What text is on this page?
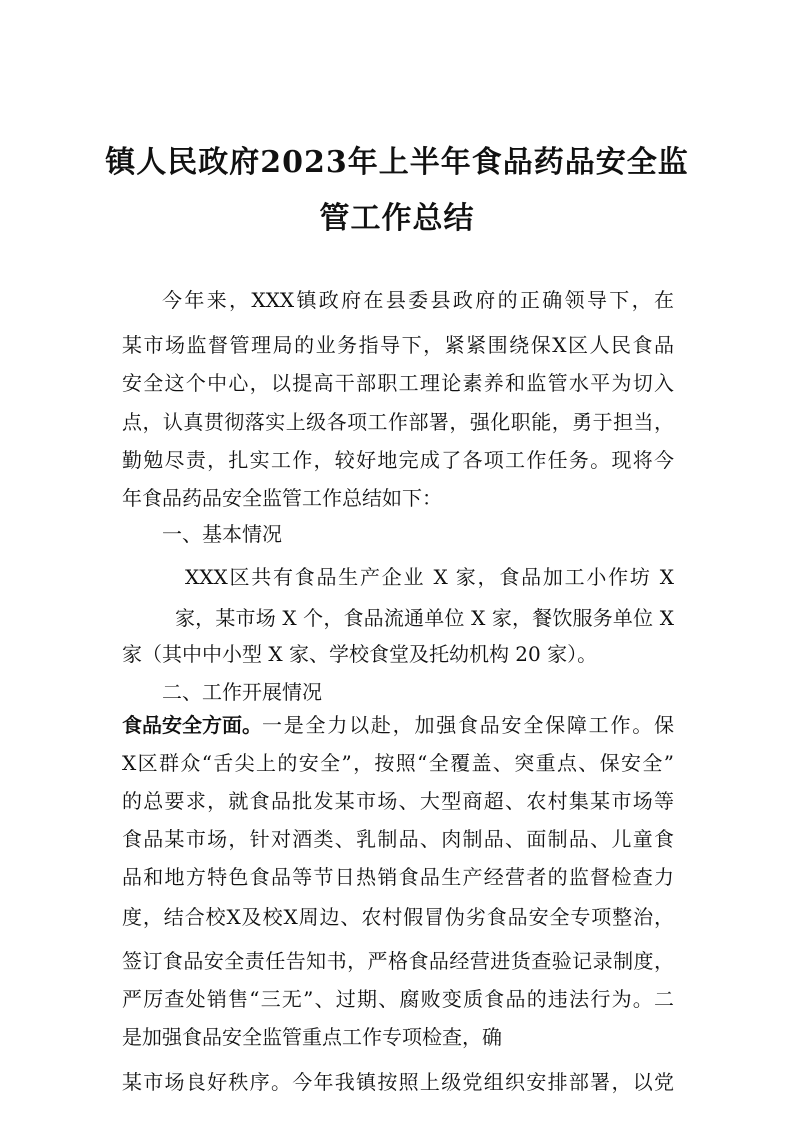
镇人民政府2023年上半年食品药品安全监
管工作总结
今年来，XXX镇政府在县委县政府的正确领导下，在
某市场监督管理局的业务指导下，紧紧围绕保X区人民食品
安全这个中心，以提高干部职工理论素养和监管水平为切入
点，认真贯彻落实上级各项工作部署，强化职能，勇于担当，
勤勉尽责，扎实工作，较好地完成了各项工作任务。现将今
年食品药品安全监管工作总结如下：
一、基本情况
XXX区共有食品生产企业 X 家，食品加工小作坊 X
家，某市场 X 个，食品流通单位 X 家，餐饮服务单位 X
家（其中中小型 X 家、学校食堂及托幼机构 20 家）。
二、工作开展情况
食品安全方面。 一是全力以赴，加强食品安全保障工作。保
X区群众“舌尖上的安全”，按照“全覆盖、突重点、保安全”
的总要求，就食品批发某市场、大型商超、农村集某市场等
食品某市场，针对酒类、乳制品、肉制品、面制品、儿童食
品和地方特色食品等节日热销食品生产经营者的监督检查力
度，结合校X及校X周边、农村假冒伪劣食品安全专项整治，
签订食品安全责任告知书，严格食品经营进货查验记录制度，
严厉查处销售“三无”、过期、腐败变质食品的违法行为。二
是加强食品安全监管重点工作专项检查，确
某市场良好秩序。今年我镇按照上级党组织安排部署，以党
